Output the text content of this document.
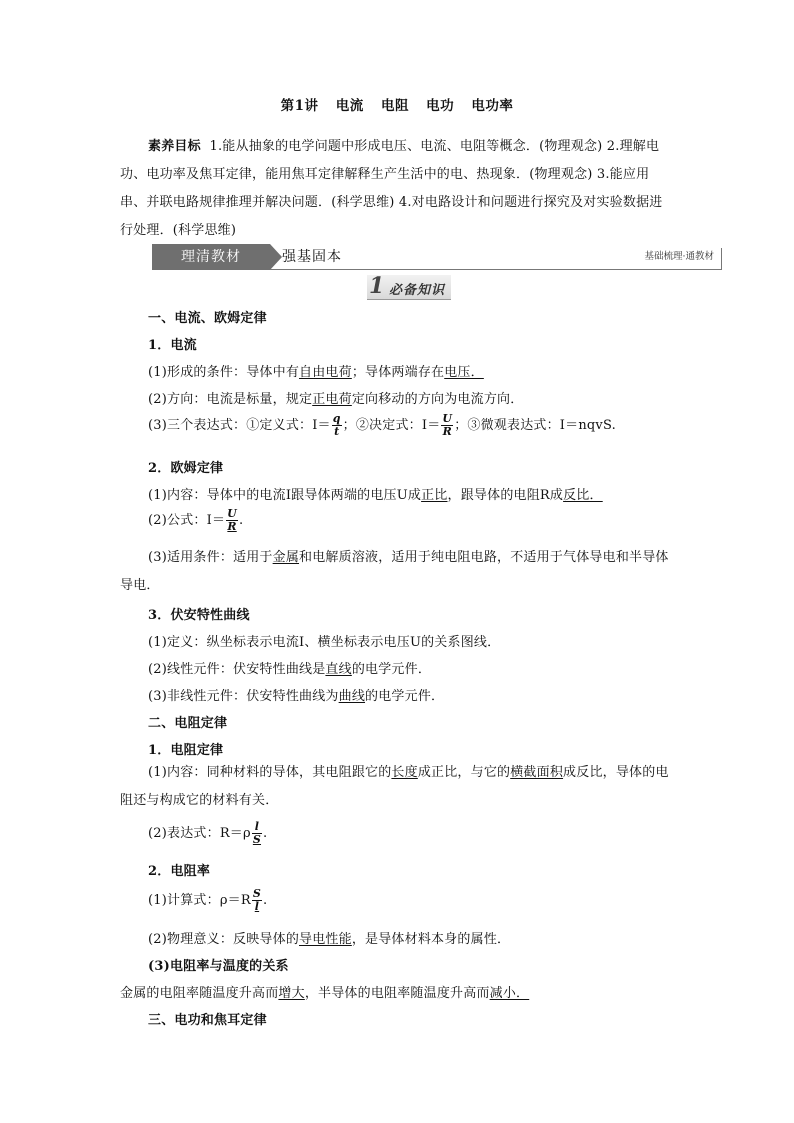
第1讲 电流 电阻 电功 电功率
素养目标 1.能从抽象的电学问题中形成电压、电流、电阻等概念．(物理观念) 2.理解电功、电功率及焦耳定律，能用焦耳定律解释生产生活中的电、热现象．(物理观念) 3.能应用串、并联电路规律推理并解决问题．(科学思维) 4.对电路设计和问题进行探究及对实验数据进行处理．(科学思维)
理清教材	强基固本	基础梳理·通教材
1 必备知识
一、电流、欧姆定律
1．电流
(1)形成的条件：导体中有自由电荷；导体两端存在电压．
(2)方向：电流是标量，规定正电荷定向移动的方向为电流方向．
(3)三个表达式：①定义式：$I= \frac{q}{t}$ ；②决定式：$I= \frac{U}{R}$ ；③微观表达式：I＝nqvS.
2．欧姆定律
(1)内容：导体中的电流I跟导体两端的电压U成正比，跟导体的电阻R成反比．
(2)公式：$I= \frac{U}{R}$ .
(3)适用条件：适用于金属和电解质溶液，适用于纯电阻电路，不适用于气体导电和半导体导电．
3．伏安特性曲线
(1)定义：纵坐标表示电流I、横坐标表示电压U的关系图线．
(2)线性元件：伏安特性曲线是直线的电学元件．
(3)非线性元件：伏安特性曲线为曲线的电学元件．
二、电阻定律
1．电阻定律
(1)内容：同种材料的导体，其电阻跟它的长度成正比，与它的横截面积成反比，导体的电阻还与构成它的材料有关．
(2)表达式：$R=\rho \frac{l}{S}$ .
2．电阻率
(1)计算式：$\rho=R \frac{S}{l}$ .
(2)物理意义：反映导体的导电性能，是导体材料本身的属性．
(3)电阻率与温度的关系
金属的电阻率随温度升高而增大，半导体的电阻率随温度升高而减小．
三、电功和焦耳定律
